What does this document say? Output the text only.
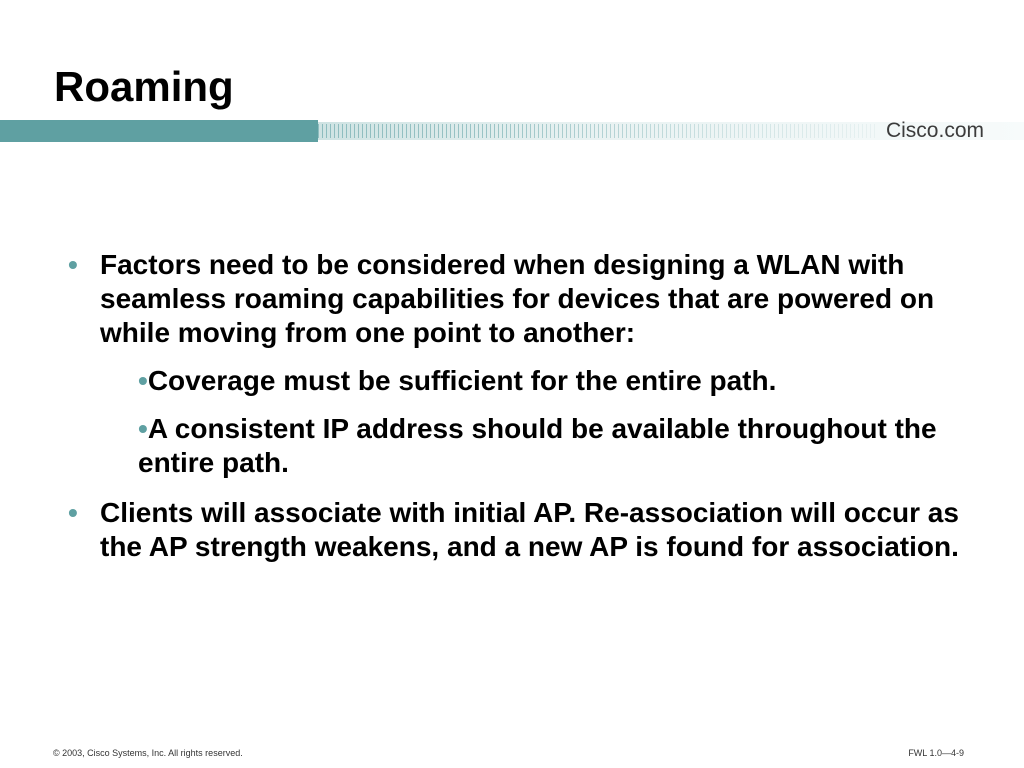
Roaming
Cisco.com
• Factors need to be considered when designing a WLAN with seamless roaming capabilities for devices that are powered on while moving from one point to another:
•Coverage must be sufficient for the entire path.
•A consistent IP address should be available throughout the entire path.
• Clients will associate with initial AP. Re-association will occur as the AP strength weakens, and a new AP is found for association.
© 2003, Cisco Systems, Inc. All rights reserved.	FWL 1.0—4-9
